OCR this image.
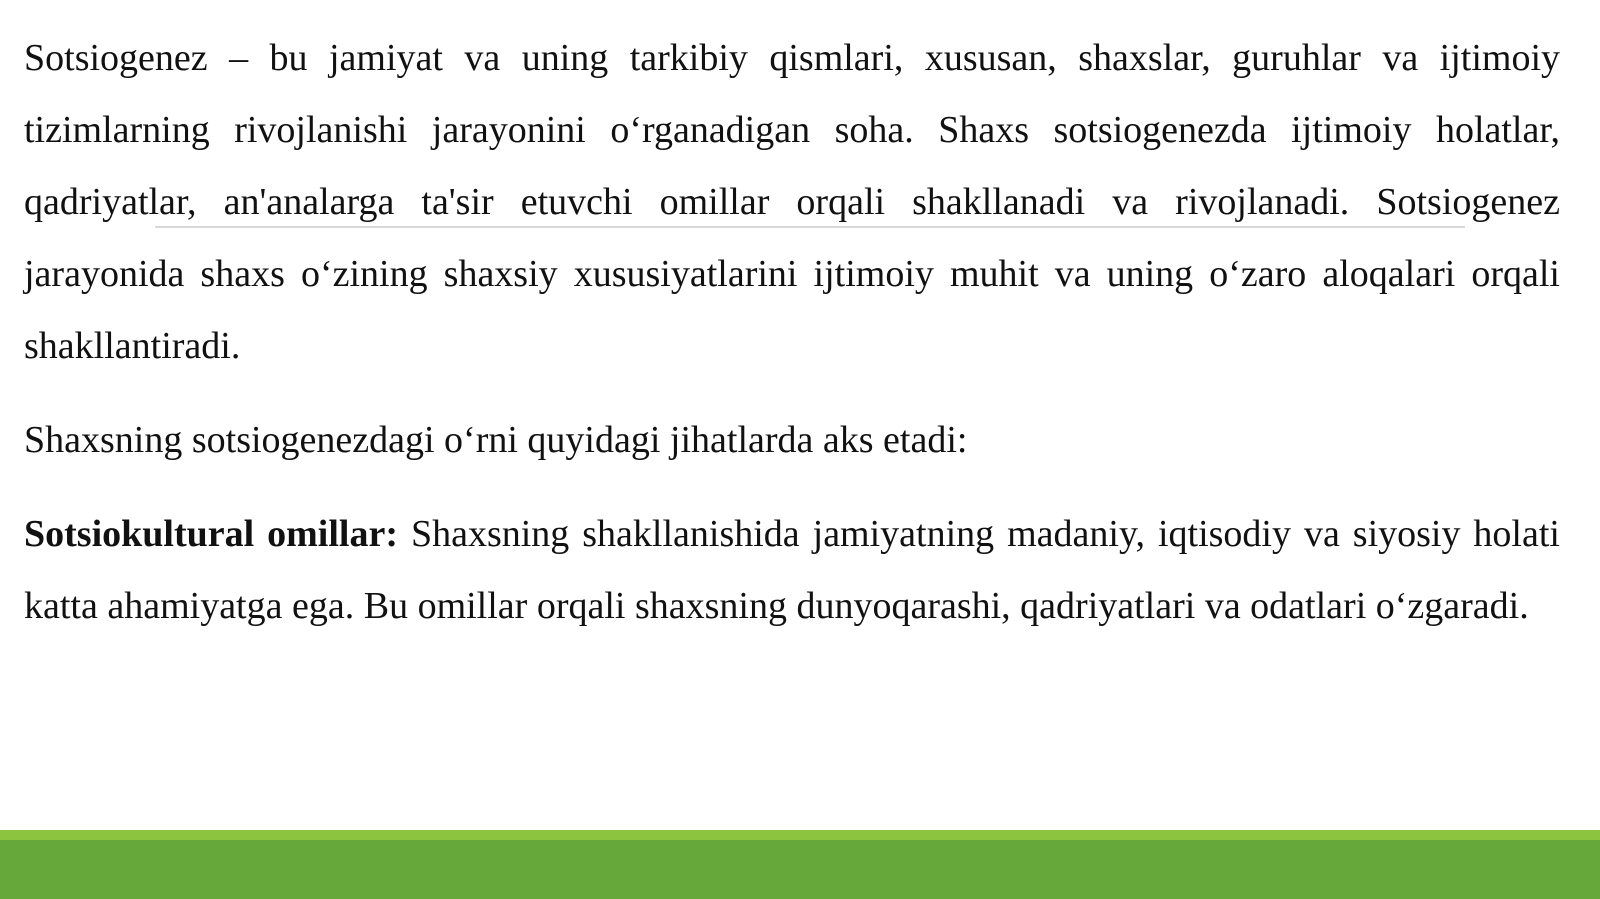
Sotsiogenez – bu jamiyat va uning tarkibiy qismlari, xususan, shaxslar, guruhlar va ijtimoiy tizimlarning rivojlanishi jarayonini o‘rganadigan soha. Shaxs sotsiogenezda ijtimoiy holatlar, qadriyatlar, an'analarga ta'sir etuvchi omillar orqali shakllanadi va rivojlanadi. Sotsiogenez jarayonida shaxs o‘zining shaxsiy xususiyatlarini ijtimoiy muhit va uning o‘zaro aloqalari orqali shakllantiradi.

Shaxsning sotsiogenezdagi o‘rni quyidagi jihatlarda aks etadi:

Sotsiokultural omillar: Shaxsning shakllanishida jamiyatning madaniy, iqtisodiy va siyosiy holati katta ahamiyatga ega. Bu omillar orqali shaxsning dunyoqarashi, qadriyatlari va odatlari o‘zgaradi.
